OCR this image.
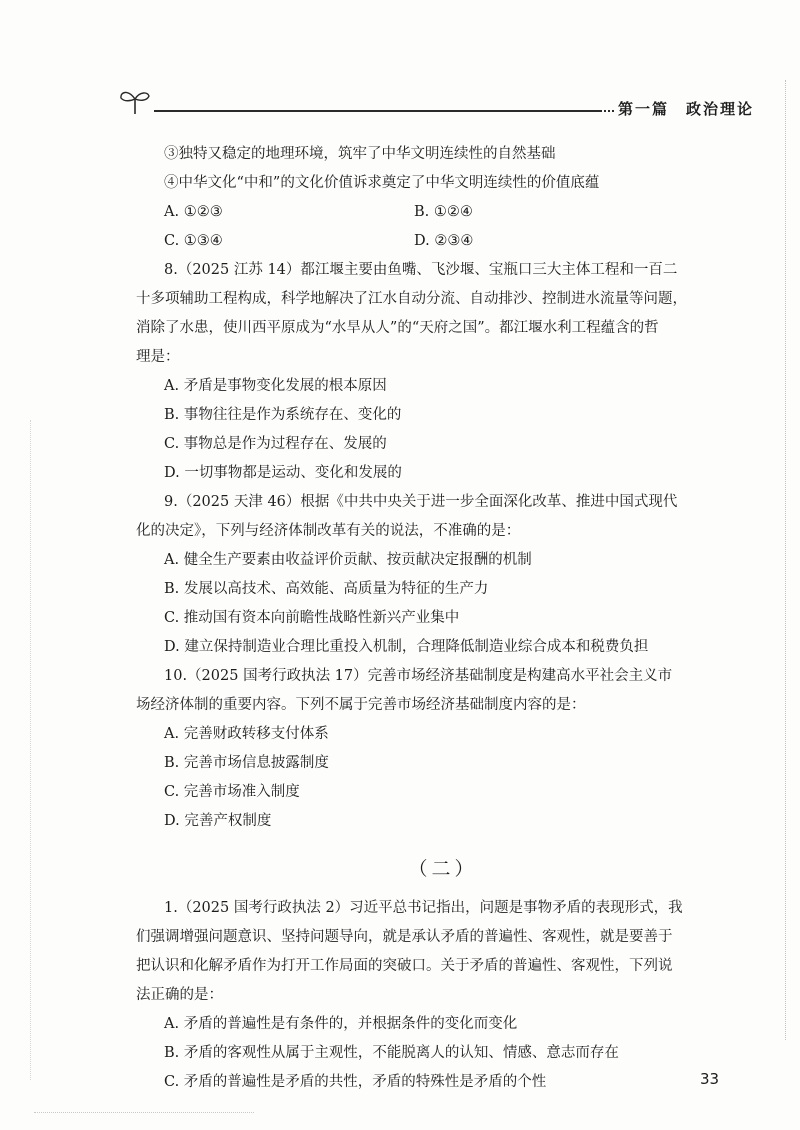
第一篇　政治理论
③独特又稳定的地理环境，筑牢了中华文明连续性的自然基础
④中华文化“中和”的文化价值诉求奠定了中华文明连续性的价值底蕴
A. ①②③	B. ①②④
C. ①③④	D. ②③④
8.（2025 江苏 14）都江堰主要由鱼嘴、飞沙堰、宝瓶口三大主体工程和一百二
十多项辅助工程构成，科学地解决了江水自动分流、自动排沙、控制进水流量等问题，
消除了水患，使川西平原成为“水旱从人”的“天府之国”。都江堰水利工程蕴含的哲
理是：
A. 矛盾是事物变化发展的根本原因
B. 事物往往是作为系统存在、变化的
C. 事物总是作为过程存在、发展的
D. 一切事物都是运动、变化和发展的
9.（2025 天津 46）根据《中共中央关于进一步全面深化改革、推进中国式现代
化的决定》，下列与经济体制改革有关的说法，不准确的是：
A. 健全生产要素由收益评价贡献、按贡献决定报酬的机制
B. 发展以高技术、高效能、高质量为特征的生产力
C. 推动国有资本向前瞻性战略性新兴产业集中
D. 建立保持制造业合理比重投入机制，合理降低制造业综合成本和税费负担
10.（2025 国考行政执法 17）完善市场经济基础制度是构建高水平社会主义市
场经济体制的重要内容。下列不属于完善市场经济基础制度内容的是：
A. 完善财政转移支付体系
B. 完善市场信息披露制度
C. 完善市场准入制度
D. 完善产权制度
（二）
1.（2025 国考行政执法 2）习近平总书记指出，问题是事物矛盾的表现形式，我
们强调增强问题意识、坚持问题导向，就是承认矛盾的普遍性、客观性，就是要善于
把认识和化解矛盾作为打开工作局面的突破口。关于矛盾的普遍性、客观性，下列说
法正确的是：
A. 矛盾的普遍性是有条件的，并根据条件的变化而变化
B. 矛盾的客观性从属于主观性，不能脱离人的认知、情感、意志而存在
C. 矛盾的普遍性是矛盾的共性，矛盾的特殊性是矛盾的个性	33
